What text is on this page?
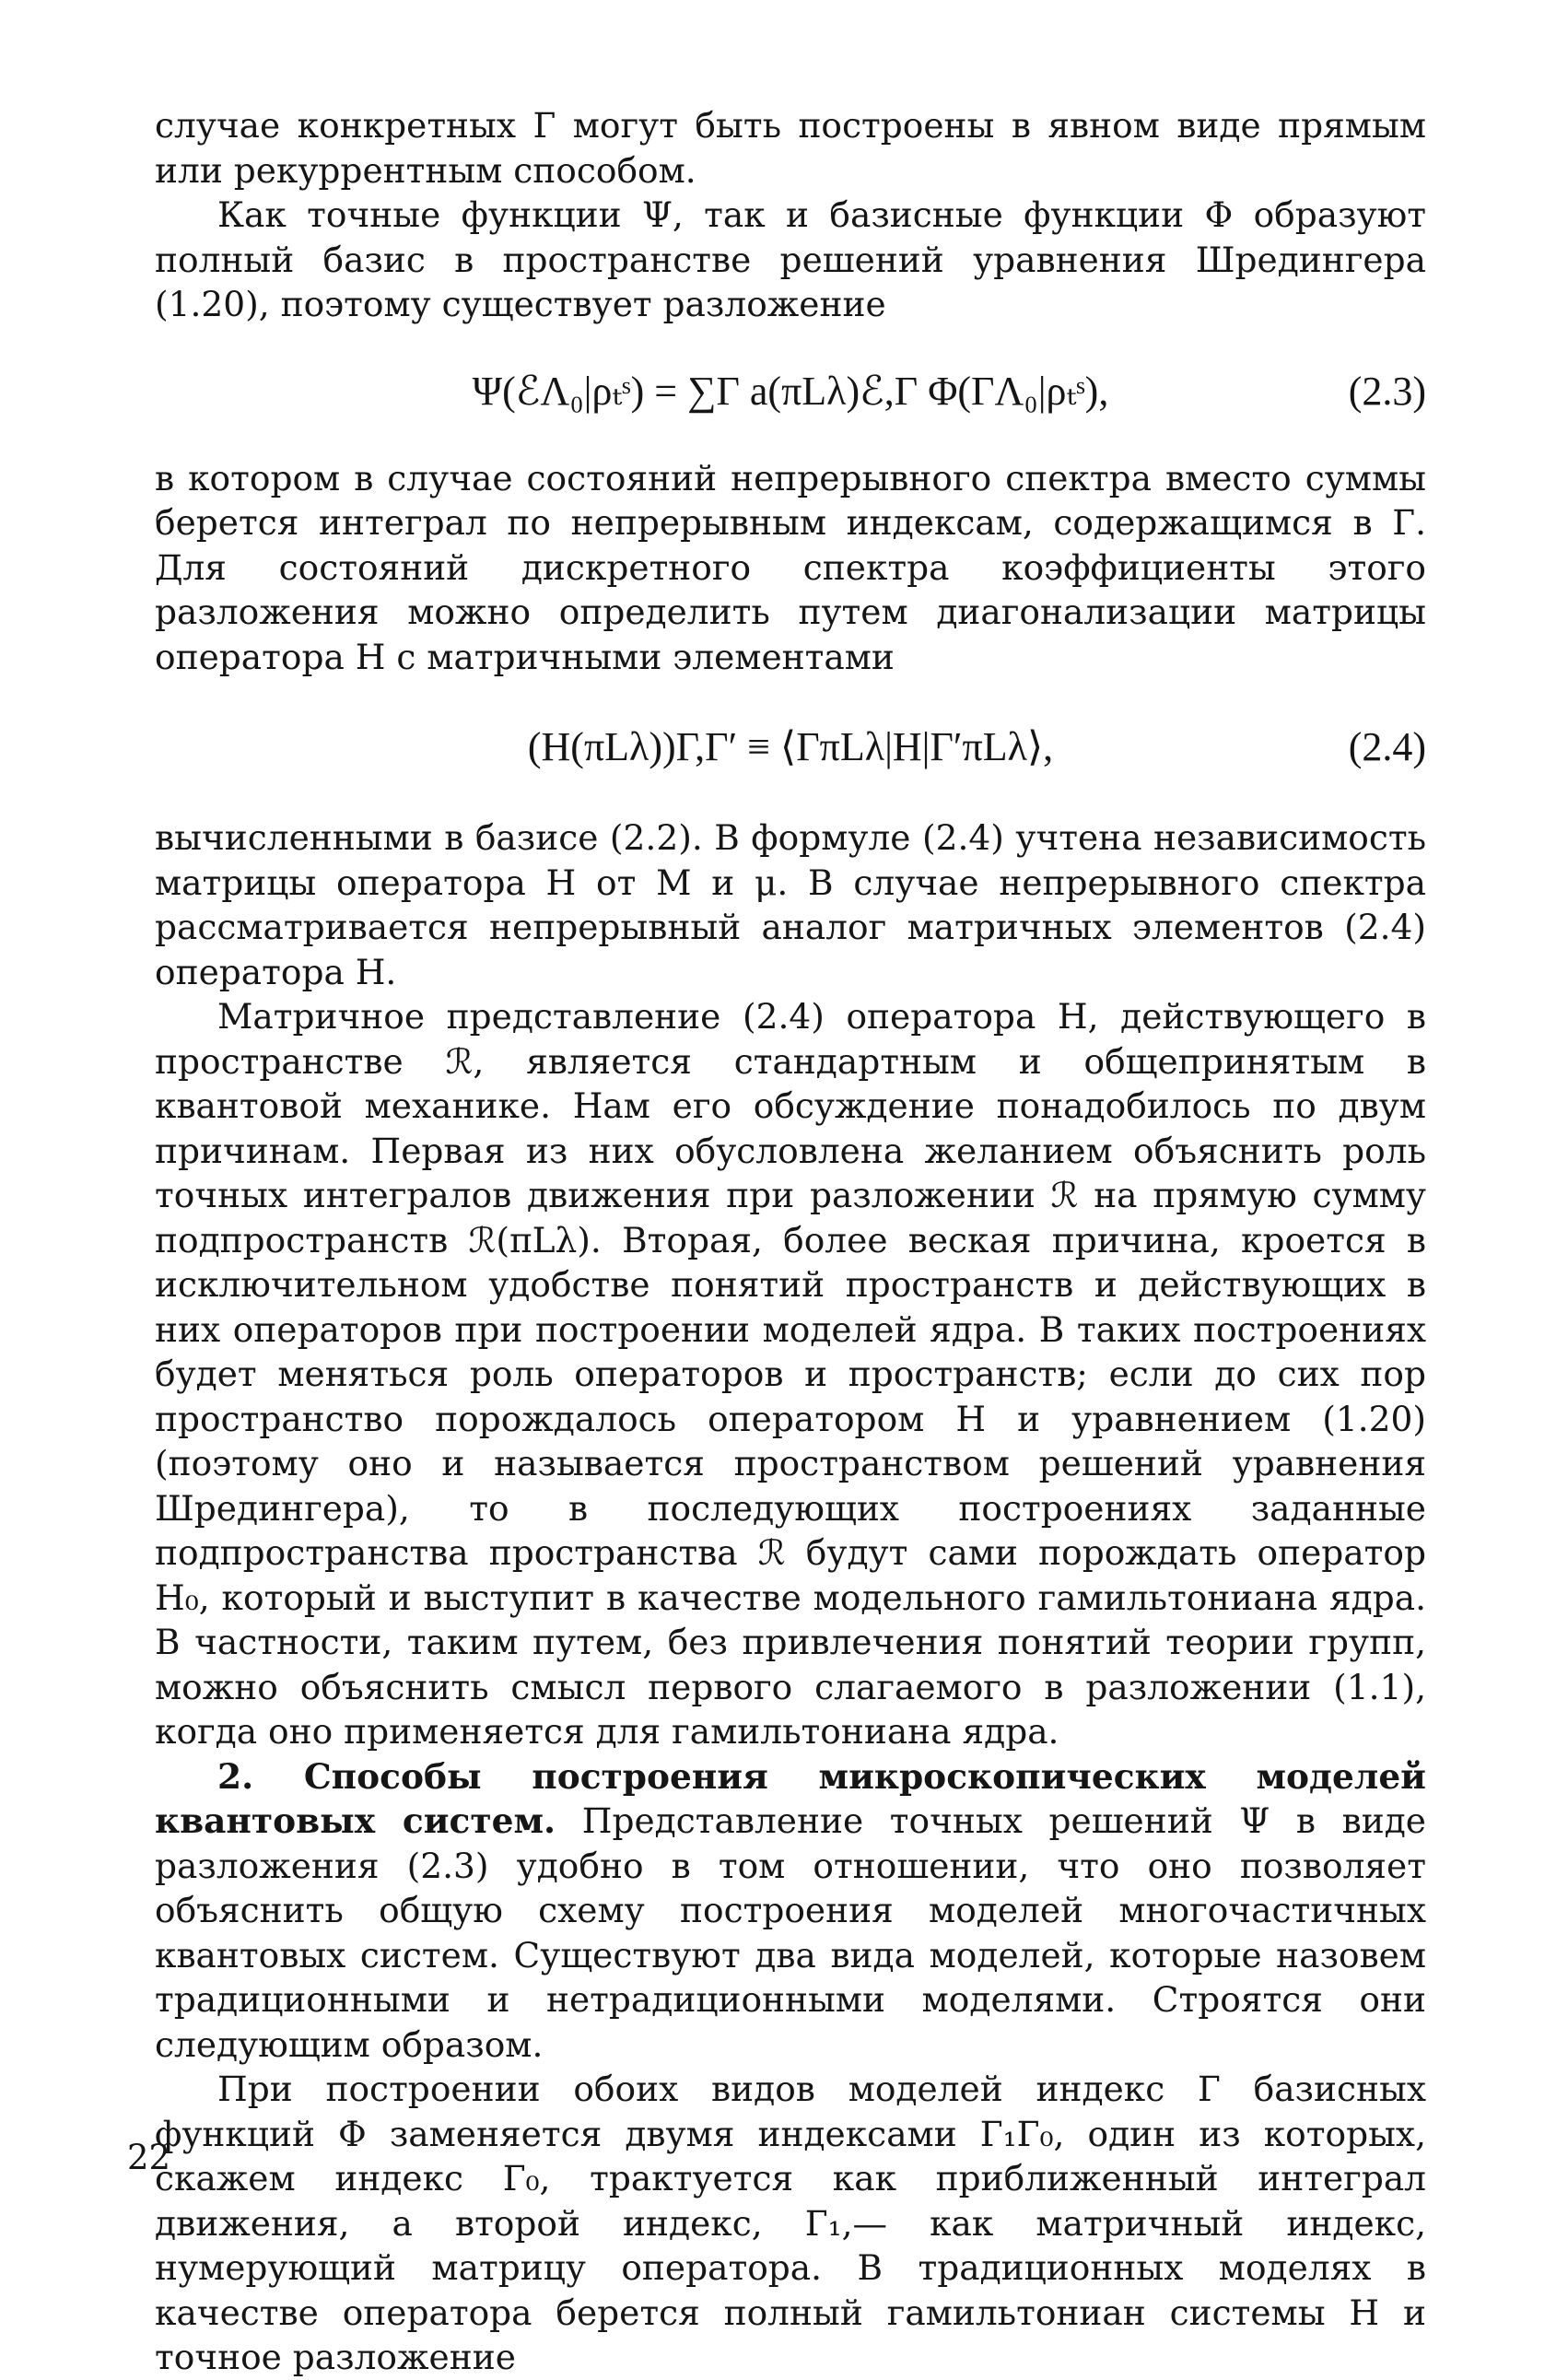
случае конкретных Г могут быть построены в явном виде прямым или рекуррентным способом.

Как точные функции Ψ, так и базисные функции Φ образуют полный базис в пространстве решений уравнения Шредингера (1.20), поэтому существует разложение

Ψ(ℰΛ₀|ρₜˢ) = ∑Г a(πLλ)ℰ,Г Φ(ГΛ₀|ρₜˢ),	(2.3)

в котором в случае состояний непрерывного спектра вместо суммы берется интеграл по непрерывным индексам, содержащимся в Г. Для состояний дискретного спектра коэффициенты этого разложения можно определить путем диагонализации матрицы оператора H с матричными элементами

(H(πLλ))Г,Г′ ≡ ⟨ГπLλ|H|Г′πLλ⟩,	(2.4)

вычисленными в базисе (2.2). В формуле (2.4) учтена независимость матрицы оператора H от M и μ. В случае непрерывного спектра рассматривается непрерывный аналог матричных элементов (2.4) оператора H.

Матричное представление (2.4) оператора H, действующего в пространстве ℛ, является стандартным и общепринятым в квантовой механике. Нам его обсуждение понадобилось по двум причинам. Первая из них обусловлена желанием объяснить роль точных интегралов движения при разложении ℛ на прямую сумму подпространств ℛ(πLλ). Вторая, более веская причина, кроется в исключительном удобстве понятий пространств и действующих в них операторов при построении моделей ядра. В таких построениях будет меняться роль операторов и пространств; если до сих пор пространство порождалось оператором H и уравнением (1.20) (поэтому оно и называется пространством решений уравнения Шредингера), то в последующих построениях заданные подпространства пространства ℛ будут сами порождать оператор H₀, который и выступит в качестве модельного гамильтониана ядра. В частности, таким путем, без привлечения понятий теории групп, можно объяснить смысл первого слагаемого в разложении (1.1), когда оно применяется для гамильтониана ядра.

2. Способы построения микроскопических моделей квантовых систем. Представление точных решений Ψ в виде разложения (2.3) удобно в том отношении, что оно позволяет объяснить общую схему построения моделей многочастичных квантовых систем. Существуют два вида моделей, которые назовем традиционными и нетрадиционными моделями. Строятся они следующим образом.

При построении обоих видов моделей индекс Г базисных функций Φ заменяется двумя индексами Г₁Г₀, один из которых, скажем индекс Г₀, трактуется как приближенный интеграл движения, а второй индекс, Г₁,— как матричный индекс, нумерующий матрицу оператора. В традиционных моделях в качестве оператора берется полный гамильтониан системы H и точное разложение

22
